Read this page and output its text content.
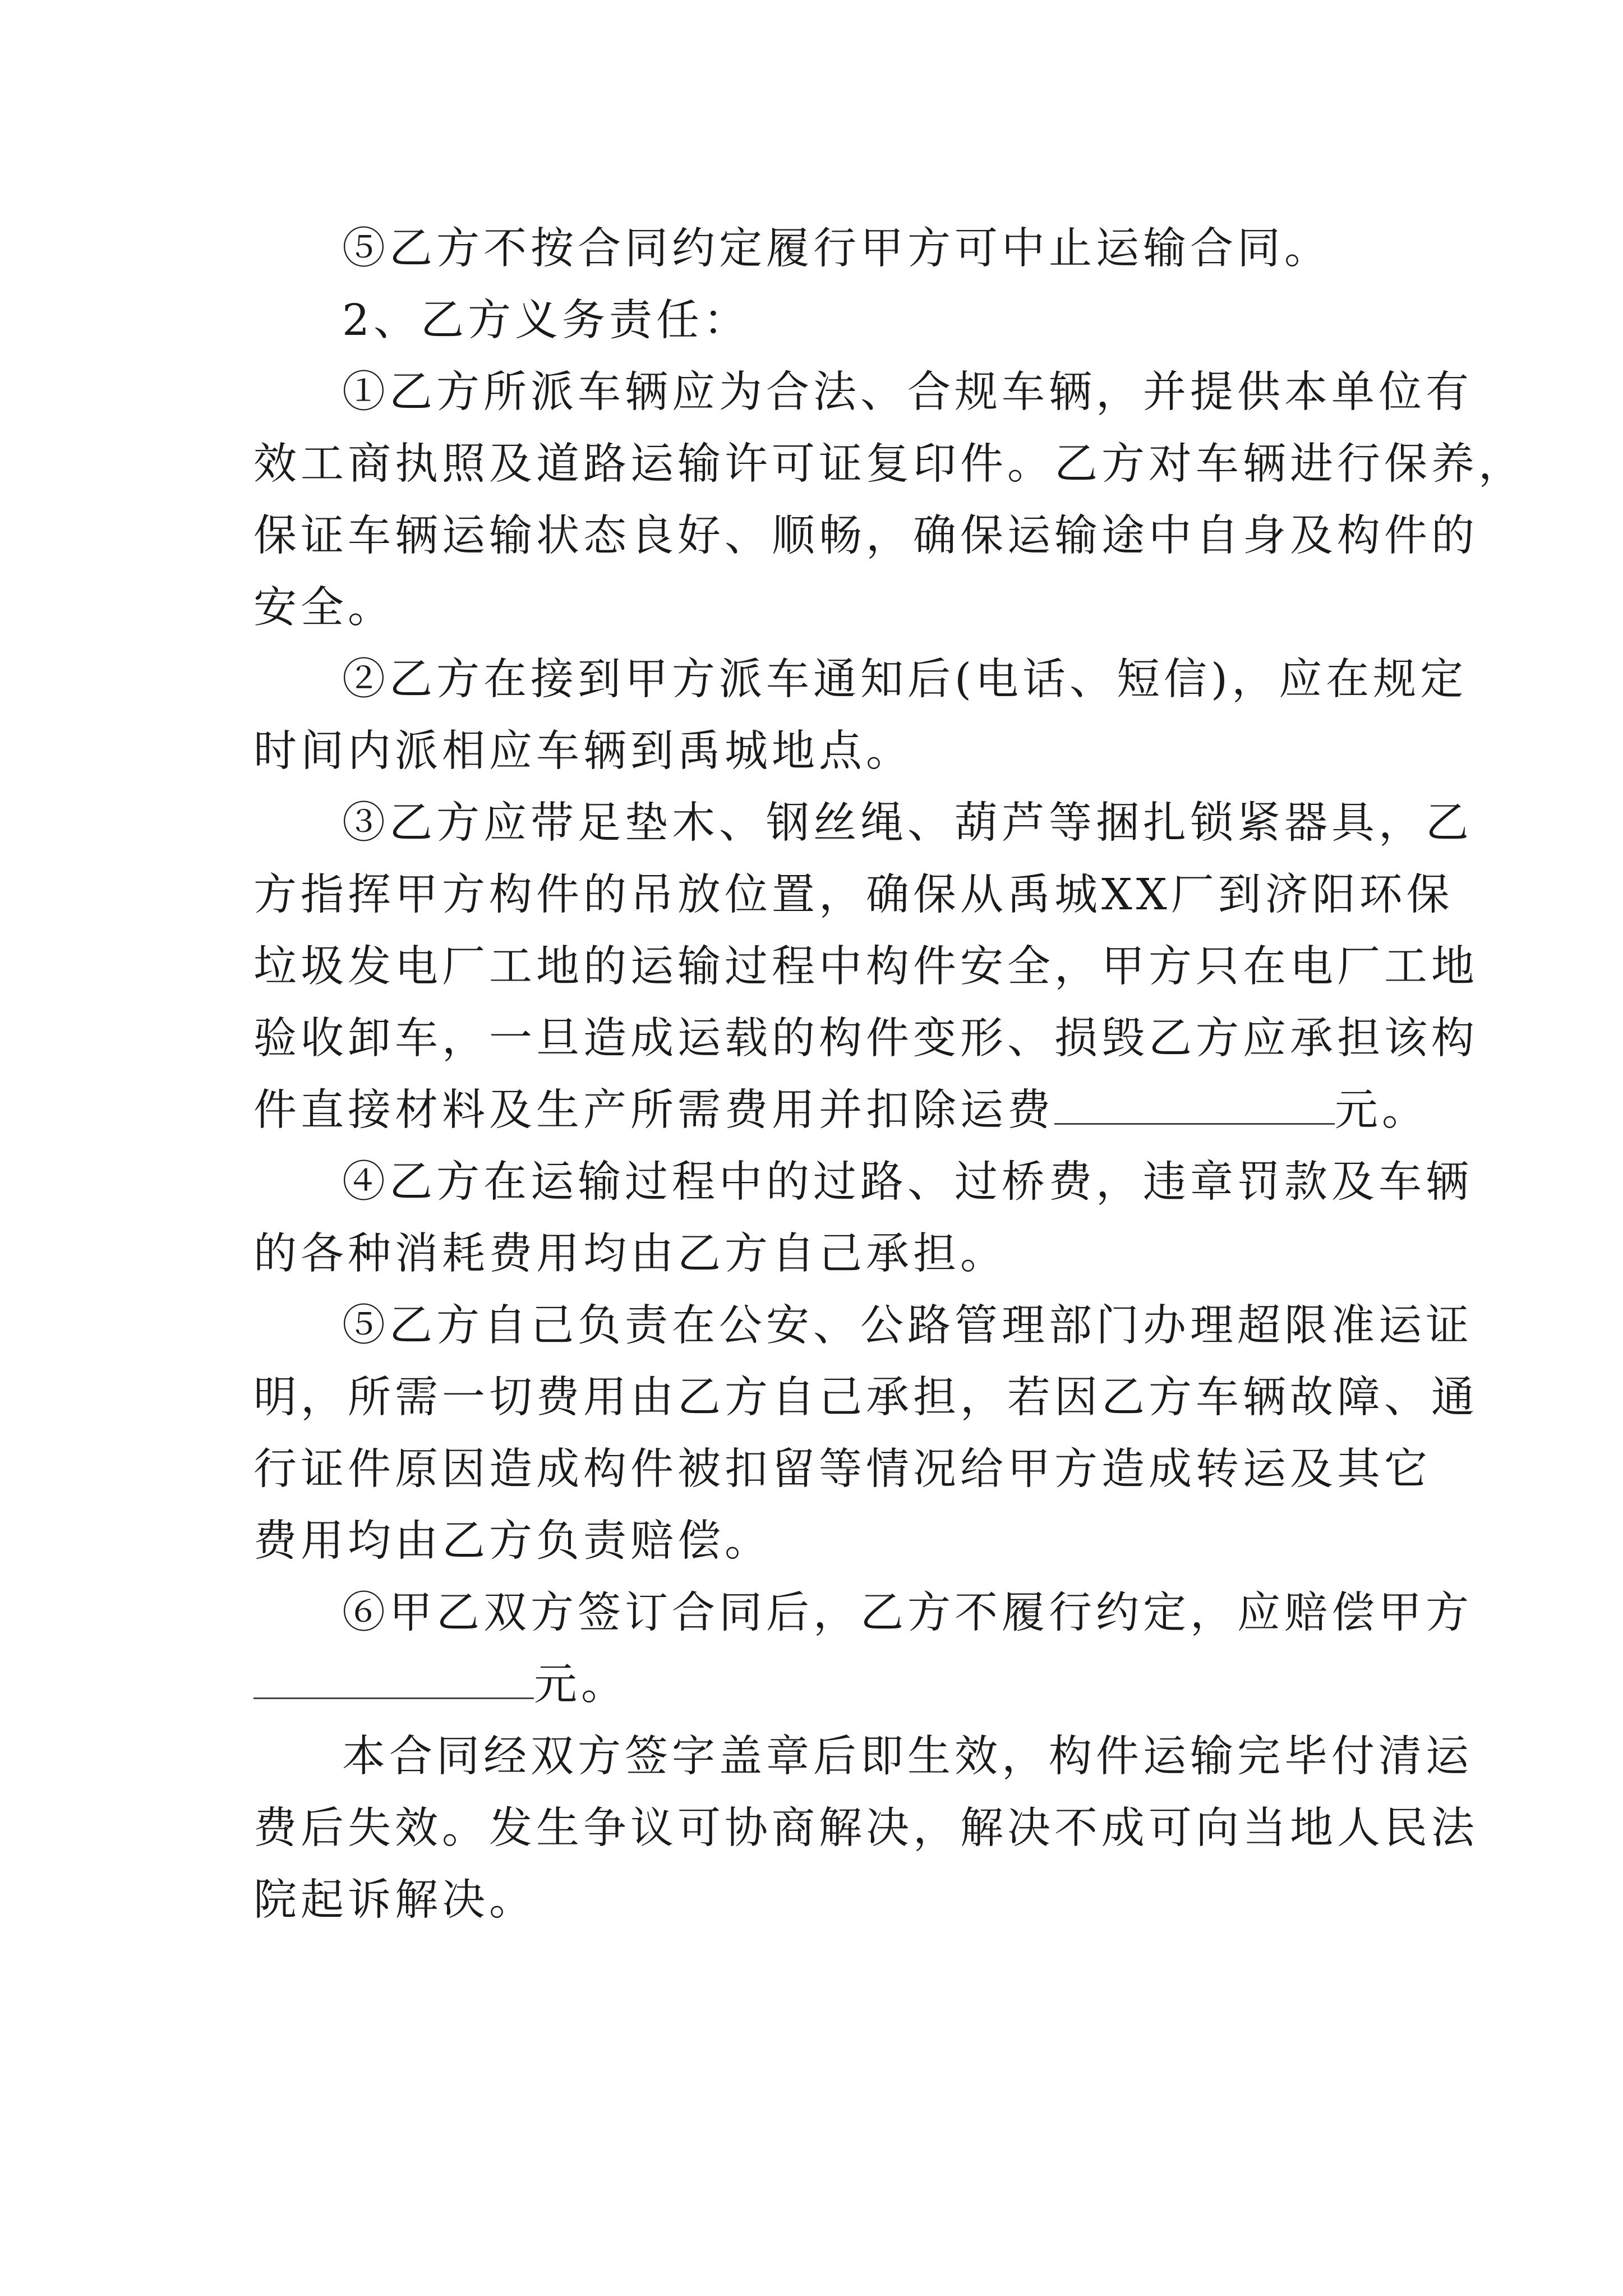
⑤乙方不按合同约定履行甲方可中止运输合同。

2、乙方义务责任：

①乙方所派车辆应为合法、合规车辆，并提供本单位有
效工商执照及道路运输许可证复印件。乙方对车辆进行保养，
保证车辆运输状态良好、顺畅，确保运输途中自身及构件的
安全。

②乙方在接到甲方派车通知后(电话、短信)，应在规定
时间内派相应车辆到禹城地点。

③乙方应带足垫木、钢丝绳、葫芦等捆扎锁紧器具，乙
方指挥甲方构件的吊放位置，确保从禹城XX厂到济阳环保
垃圾发电厂工地的运输过程中构件安全，甲方只在电厂工地
验收卸车，一旦造成运载的构件变形、损毁乙方应承担该构
件直接材料及生产所需费用并扣除运费	元。

④乙方在运输过程中的过路、过桥费，违章罚款及车辆
的各种消耗费用均由乙方自己承担。

⑤乙方自己负责在公安、公路管理部门办理超限准运证
明，所需一切费用由乙方自己承担，若因乙方车辆故障、通
行证件原因造成构件被扣留等情况给甲方造成转运及其它
费用均由乙方负责赔偿。

⑥甲乙双方签订合同后，乙方不履行约定，应赔偿甲方
元。

本合同经双方签字盖章后即生效，构件运输完毕付清运
费后失效。发生争议可协商解决，解决不成可向当地人民法
院起诉解决。
